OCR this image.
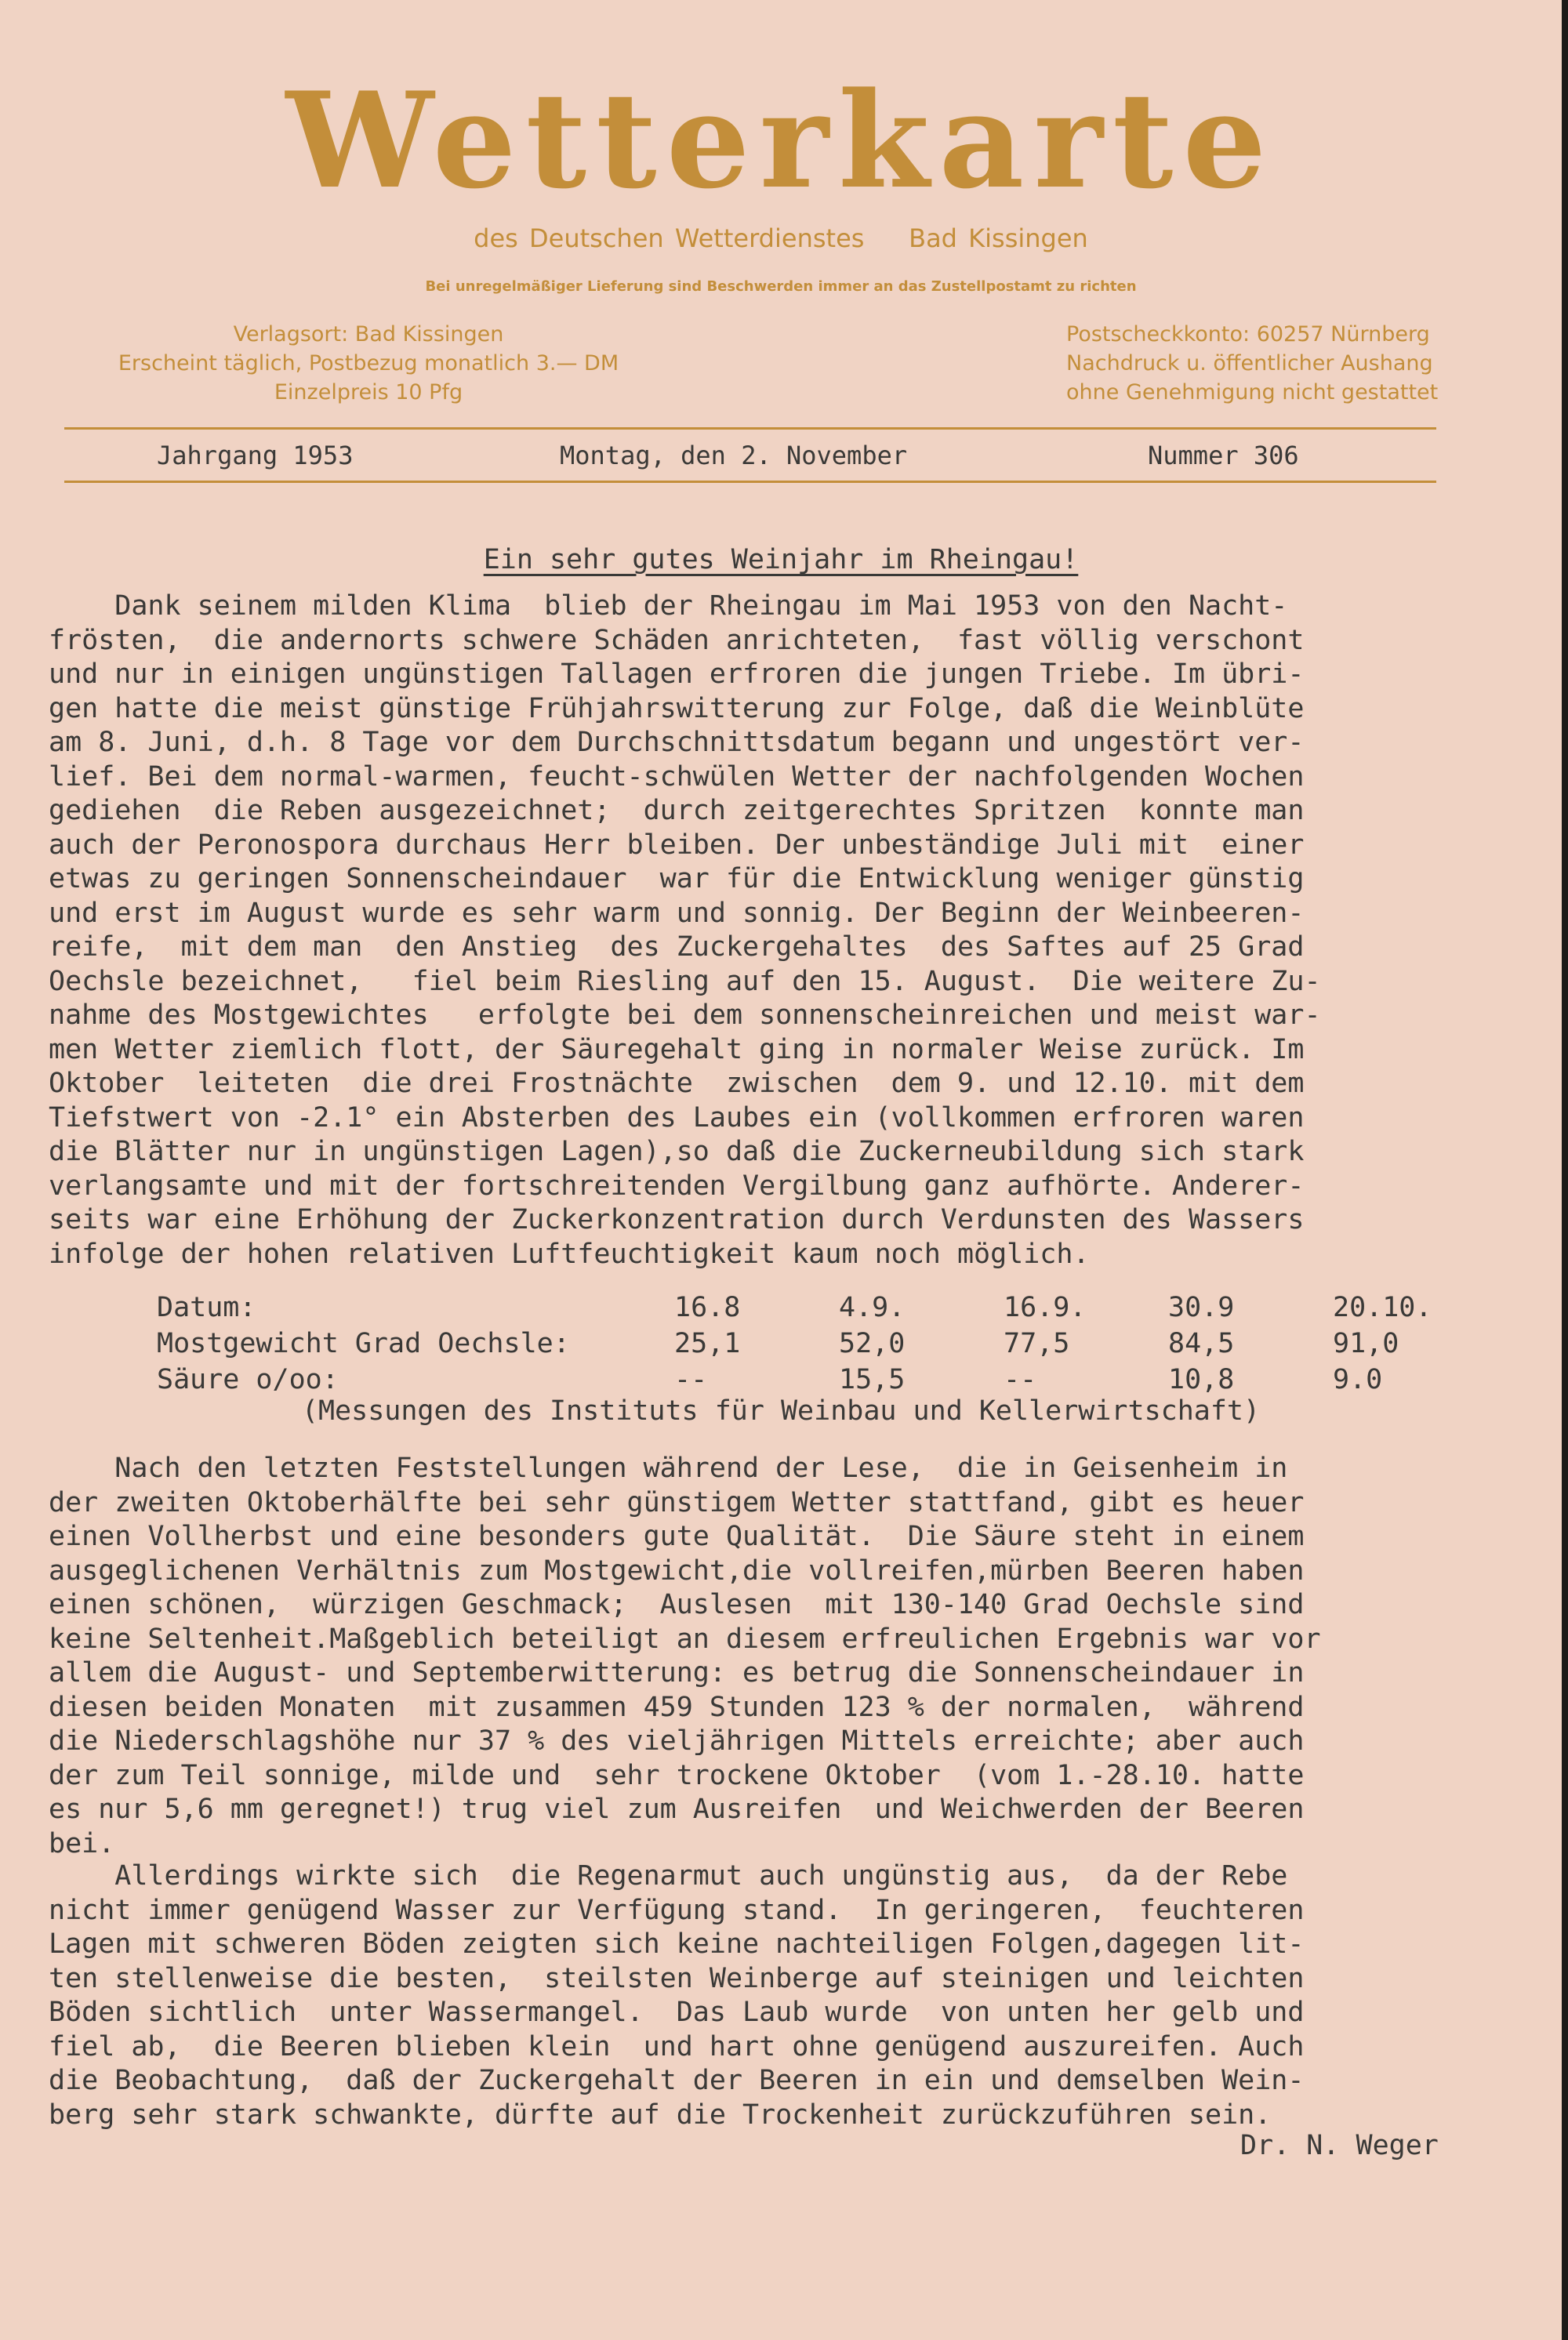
Wetterkarte
des Deutschen Wetterdienstes    Bad Kissingen
Bei unregelmäßiger Lieferung sind Beschwerden immer an das Zustellpostamt zu richten
Verlagsort: Bad Kissingen
Erscheint täglich, Postbezug monatlich 3.— DM
Einzelpreis 10 Pfg
Postscheckkonto: 60257 Nürnberg
Nachdruck u. öffentlicher Aushang
ohne Genehmigung nicht gestattet
Jahrgang 1953	Montag, den 2. November	Nummer 306
Ein sehr gutes Weinjahr im Rheingau!
Dank seinem milden Klima  blieb der Rheingau im Mai 1953 von den Nacht-
frösten,  die andernorts schwere Schäden anrichteten,  fast völlig verschont
und nur in einigen ungünstigen Tallagen erfroren die jungen Triebe. Im übri-
gen hatte die meist günstige Frühjahrswitterung zur Folge, daß die Weinblüte
am 8. Juni, d.h. 8 Tage vor dem Durchschnittsdatum begann und ungestört ver-
lief. Bei dem normal-warmen, feucht-schwülen Wetter der nachfolgenden Wochen
gediehen  die Reben ausgezeichnet;  durch zeitgerechtes Spritzen  konnte man
auch der Peronospora durchaus Herr bleiben. Der unbeständige Juli mit  einer
etwas zu geringen Sonnenscheindauer  war für die Entwicklung weniger günstig
und erst im August wurde es sehr warm und sonnig. Der Beginn der Weinbeeren-
reife,  mit dem man  den Anstieg  des Zuckergehaltes  des Saftes auf 25 Grad
Oechsle bezeichnet,   fiel beim Riesling auf den 15. August.  Die weitere Zu-
nahme des Mostgewichtes   erfolgte bei dem sonnenscheinreichen und meist war-
men Wetter ziemlich flott, der Säuregehalt ging in normaler Weise zurück. Im
Oktober  leiteten  die drei Frostnächte  zwischen  dem 9. und 12.10. mit dem
Tiefstwert von -2.1° ein Absterben des Laubes ein (vollkommen erfroren waren
die Blätter nur in ungünstigen Lagen),so daß die Zuckerneubildung sich stark
verlangsamte und mit der fortschreitenden Vergilbung ganz aufhörte. Anderer-
seits war eine Erhöhung der Zuckerkonzentration durch Verdunsten des Wassers
infolge der hohen relativen Luftfeuchtigkeit kaum noch möglich.
Datum:	16.8	4.9.	16.9.	30.9	20.10.
Mostgewicht Grad Oechsle:	25,1	52,0	77,5	84,5	91,0
Säure o/oo:	--	15,5	--	10,8	9.0
(Messungen des Instituts für Weinbau und Kellerwirtschaft)
Nach den letzten Feststellungen während der Lese,  die in Geisenheim in
der zweiten Oktoberhälfte bei sehr günstigem Wetter stattfand, gibt es heuer
einen Vollherbst und eine besonders gute Qualität.  Die Säure steht in einem
ausgeglichenen Verhältnis zum Mostgewicht,die vollreifen,mürben Beeren haben
einen schönen,  würzigen Geschmack;  Auslesen  mit 130-140 Grad Oechsle sind
keine Seltenheit.Maßgeblich beteiligt an diesem erfreulichen Ergebnis war vor
allem die August- und Septemberwitterung: es betrug die Sonnenscheindauer in
diesen beiden Monaten  mit zusammen 459 Stunden 123 % der normalen,  während
die Niederschlagshöhe nur 37 % des vieljährigen Mittels erreichte; aber auch
der zum Teil sonnige, milde und  sehr trockene Oktober  (vom 1.-28.10. hatte
es nur 5,6 mm geregnet!) trug viel zum Ausreifen  und Weichwerden der Beeren
bei.
Allerdings wirkte sich  die Regenarmut auch ungünstig aus,  da der Rebe
nicht immer genügend Wasser zur Verfügung stand.  In geringeren,  feuchteren
Lagen mit schweren Böden zeigten sich keine nachteiligen Folgen,dagegen lit-
ten stellenweise die besten,  steilsten Weinberge auf steinigen und leichten
Böden sichtlich  unter Wassermangel.  Das Laub wurde  von unten her gelb und
fiel ab,  die Beeren blieben klein  und hart ohne genügend auszureifen. Auch
die Beobachtung,  daß der Zuckergehalt der Beeren in ein und demselben Wein-
berg sehr stark schwankte, dürfte auf die Trockenheit zurückzuführen sein.
Dr. N. Weger
